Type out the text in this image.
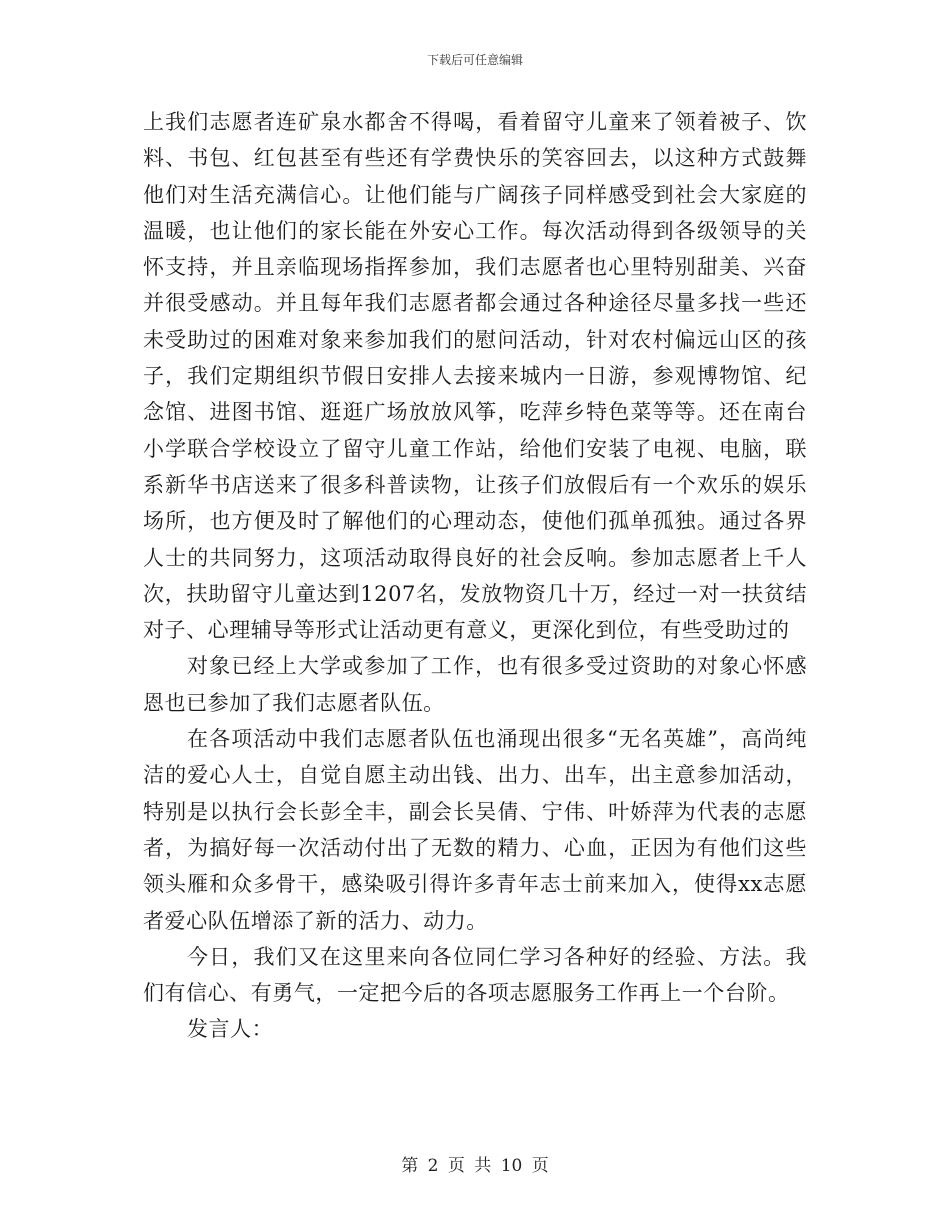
下载后可任意编辑

上我们志愿者连矿泉水都舍不得喝，看着留守儿童来了领着被子、饮料、书包、红包甚至有些还有学费快乐的笑容回去，以这种方式鼓舞他们对生活充满信心。让他们能与广阔孩子同样感受到社会大家庭的温暖，也让他们的家长能在外安心工作。每次活动得到各级领导的关怀支持，并且亲临现场指挥参加，我们志愿者也心里特别甜美、兴奋并很受感动。并且每年我们志愿者都会通过各种途径尽量多找一些还未受助过的困难对象来参加我们的慰问活动，针对农村偏远山区的孩子，我们定期组织节假日安排人去接来城内一日游，参观博物馆、纪念馆、进图书馆、逛逛广场放放风筝，吃萍乡特色菜等等。还在南台小学联合学校设立了留守儿童工作站，给他们安装了电视、电脑，联系新华书店送来了很多科普读物，让孩子们放假后有一个欢乐的娱乐场所，也方便及时了解他们的心理动态，使他们孤单孤独。通过各界人士的共同努力，这项活动取得良好的社会反响。参加志愿者上千人次，扶助留守儿童达到1207名，发放物资几十万，经过一对一扶贫结对子、心理辅导等形式让活动更有意义，更深化到位，有些受助过的

对象已经上大学或参加了工作，也有很多受过资助的对象心怀感恩也已参加了我们志愿者队伍。

在各项活动中我们志愿者队伍也涌现出很多“无名英雄”，高尚纯洁的爱心人士，自觉自愿主动出钱、出力、出车，出主意参加活动，特别是以执行会长彭全丰，副会长吴倩、宁伟、叶娇萍为代表的志愿者，为搞好每一次活动付出了无数的精力、心血，正因为有他们这些领头雁和众多骨干，感染吸引得许多青年志士前来加入，使得xx志愿者爱心队伍增添了新的活力、动力。

今日，我们又在这里来向各位同仁学习各种好的经验、方法。我们有信心、有勇气，一定把今后的各项志愿服务工作再上一个台阶。

发言人：

第 2 页 共 10 页
